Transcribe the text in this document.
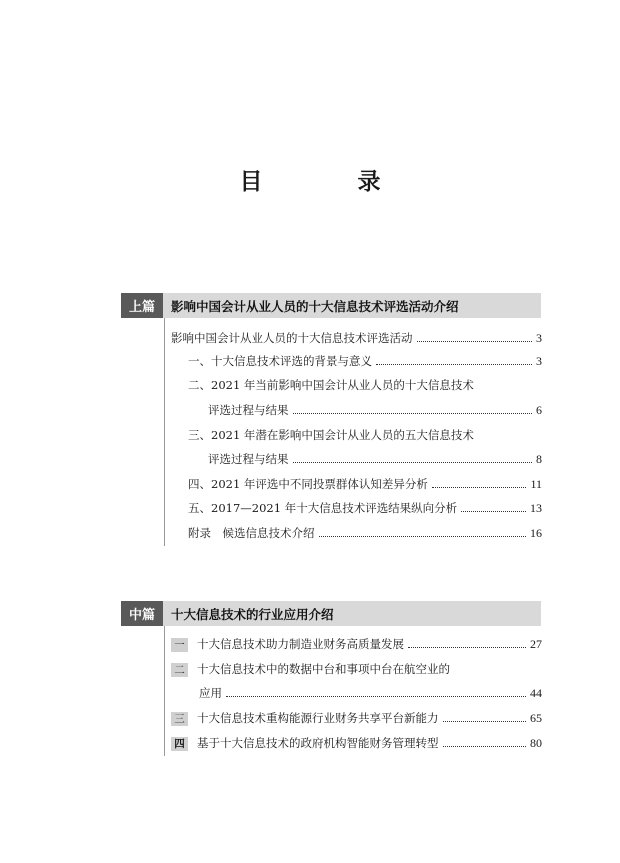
目　录
上篇	影响中国会计从业人员的十大信息技术评选活动介绍
影响中国会计从业人员的十大信息技术评选活动	3
一、十大信息技术评选的背景与意义	3
二、2021 年当前影响中国会计从业人员的十大信息技术
评选过程与结果	6
三、2021 年潜在影响中国会计从业人员的五大信息技术
评选过程与结果	8
四、2021 年评选中不同投票群体认知差异分析	11
五、2017—2021 年十大信息技术评选结果纵向分析	13
附录　候选信息技术介绍	16
中篇	十大信息技术的行业应用介绍
一 十大信息技术助力制造业财务高质量发展	27
二 十大信息技术中的数据中台和事项中台在航空业的
应用	44
三 十大信息技术重构能源行业财务共享平台新能力	65
四 基于十大信息技术的政府机构智能财务管理转型	80
